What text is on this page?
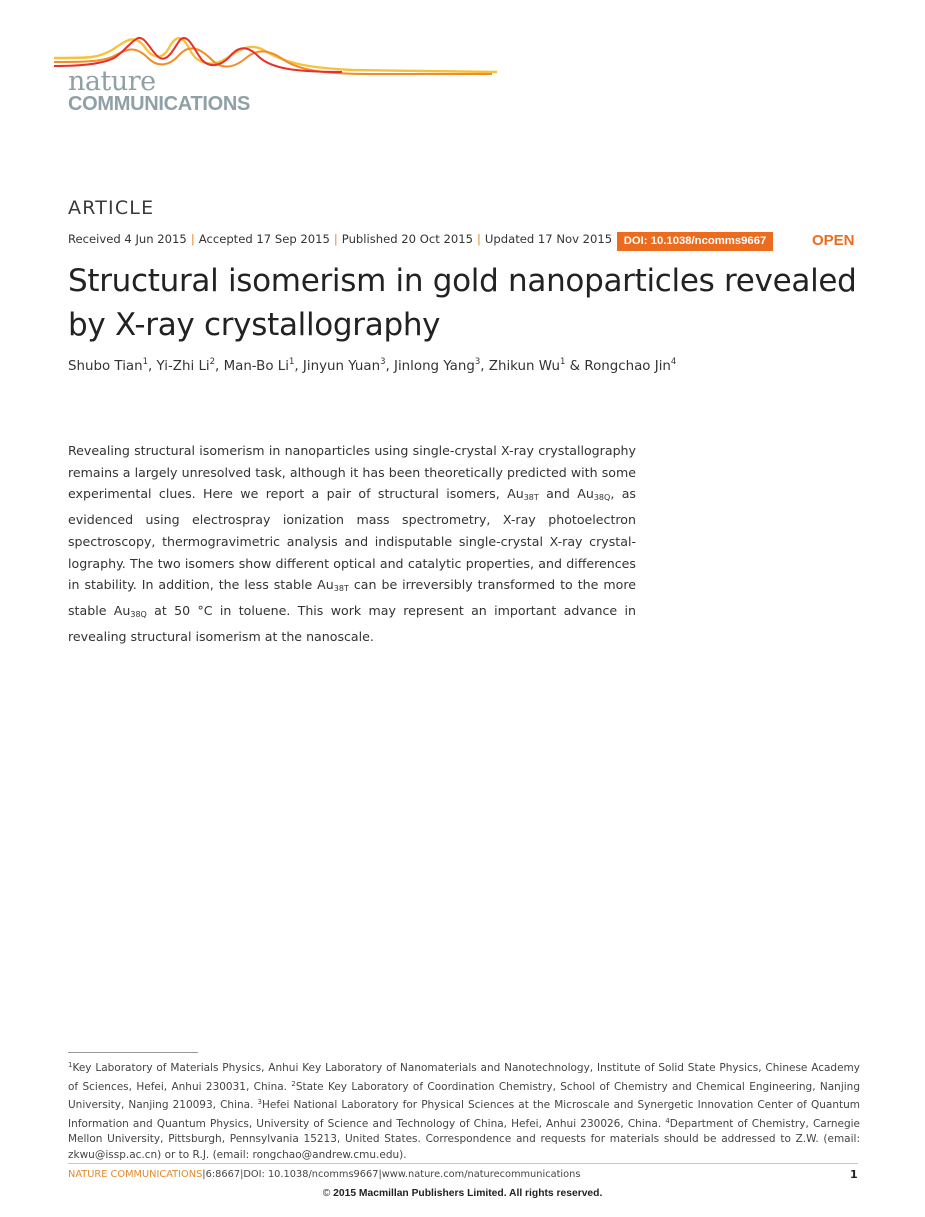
nature
COMMUNICATIONS
ARTICLE
Received 4 Jun 2015 | Accepted 17 Sep 2015 | Published 20 Oct 2015 | Updated 17 Nov 2015	DOI: 10.1038/ncomms9667	OPEN
Structural isomerism in gold nanoparticles revealed by X-ray crystallography
Shubo Tian$^1$, Yi-Zhi Li$^2$, Man-Bo Li$^1$, Jinyun Yuan$^3$, Jinlong Yang$^3$, Zhikun Wu$^1$ & Rongchao Jin$^4$

Revealing structural isomerism in nanoparticles using single-crystal X-ray crystallography remains a largely unresolved task, although it has been theoretically predicted with some experimental clues. Here we report a pair of structural isomers, $Au_{38T}$ and $Au_{38Q}$, as evidenced using electrospray ionization mass spectrometry, X-ray photoelectron spectroscopy, thermogravimetric analysis and indisputable single-crystal X-ray crystal-lography. The two isomers show different optical and catalytic properties, and differences in stability. In addition, the less stable $Au_{38T}$ can be irreversibly transformed to the more stable $Au_{38Q}$ at 50 °C in toluene. This work may represent an important advance in revealing structural isomerism at the nanoscale.

$^1$Key Laboratory of Materials Physics, Anhui Key Laboratory of Nanomaterials and Nanotechnology, Institute of Solid State Physics, Chinese Academy of Sciences, Hefei, Anhui 230031, China. $^2$State Key Laboratory of Coordination Chemistry, School of Chemistry and Chemical Engineering, Nanjing University, Nanjing 210093, China. $^3$Hefei National Laboratory for Physical Sciences at the Microscale and Synergetic Innovation Center of Quantum Information and Quantum Physics, University of Science and Technology of China, Hefei, Anhui 230026, China. $^4$Department of Chemistry, Carnegie Mellon University, Pittsburgh, Pennsylvania 15213, United States. Correspondence and requests for materials should be addressed to Z.W. (email: zkwu@issp.ac.cn) or to R.J. (email: rongchao@andrew.cmu.edu).

NATURE COMMUNICATIONS|6:8667|DOI: 10.1038/ncomms9667|www.nature.com/naturecommunications	1
© 2015 Macmillan Publishers Limited. All rights reserved.
